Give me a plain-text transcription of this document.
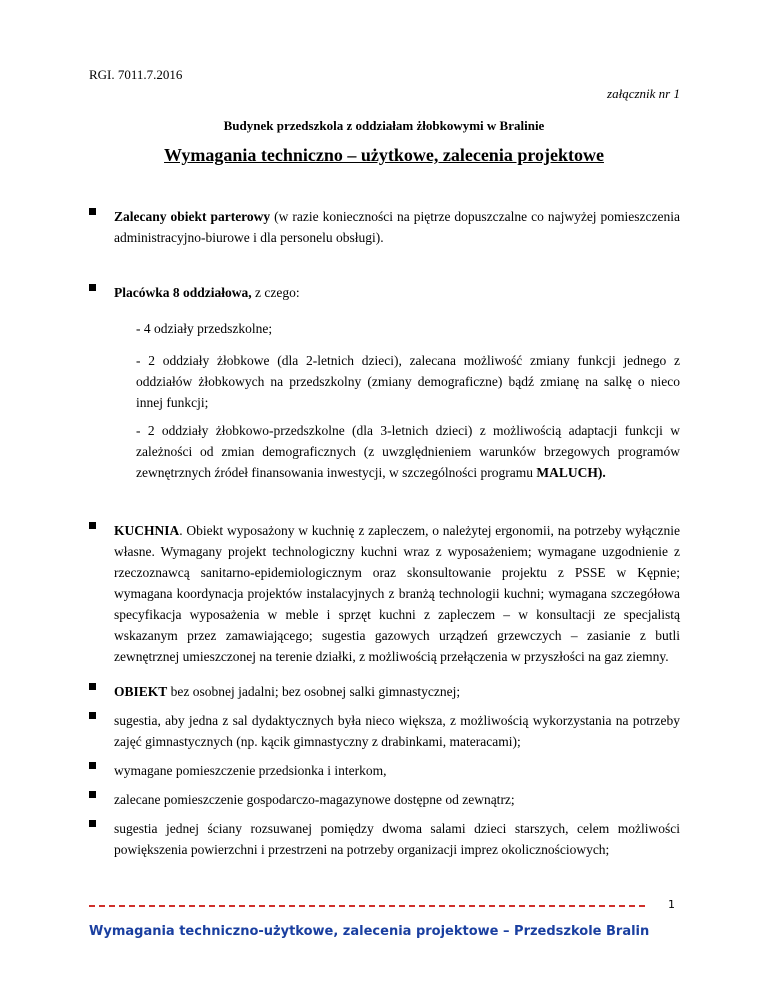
RGI. 7011.7.2016
załącznik nr 1
Budynek przedszkola z oddziałam żłobkowymi w Bralinie
Wymagania techniczno – użytkowe, zalecenia projektowe
Zalecany obiekt parterowy (w razie konieczności na piętrze dopuszczalne co najwyżej pomieszczenia administracyjno-biurowe i dla personelu obsługi).
Placówka 8 oddziałowa, z czego:
- 4 odziały przedszkolne;
- 2 oddziały żłobkowe (dla 2-letnich dzieci), zalecana możliwość zmiany funkcji jednego z oddziałów żłobkowych na przedszkolny (zmiany demograficzne) bądź zmianę na salkę o nieco innej funkcji;
- 2 oddziały żłobkowo-przedszkolne (dla 3-letnich dzieci) z możliwością adaptacji funkcji w zależności od zmian demograficznych (z uwzględnieniem warunków brzegowych programów zewnętrznych źródeł finansowania inwestycji, w szczególności programu MALUCH).
KUCHNIA. Obiekt wyposażony w kuchnię z zapleczem, o należytej ergonomii, na potrzeby wyłącznie własne. Wymagany projekt technologiczny kuchni wraz z wyposażeniem; wymagane uzgodnienie z rzeczoznawcą sanitarno-epidemiologicznym oraz skonsultowanie projektu z PSSE w Kępnie; wymagana koordynacja projektów instalacyjnych z branżą technologii kuchni; wymagana szczegółowa specyfikacja wyposażenia w meble i sprzęt kuchni z zapleczem – w konsultacji ze specjalistą wskazanym przez zamawiającego; sugestia gazowych urządzeń grzewczych – zasianie z butli zewnętrznej umieszczonej na terenie działki, z możliwością przełączenia w przyszłości na gaz ziemny.
OBIEKT bez osobnej jadalni; bez osobnej salki gimnastycznej;
sugestia, aby jedna z sal dydaktycznych była nieco większa, z możliwością wykorzystania na potrzeby zajęć gimnastycznych (np. kącik gimnastyczny z drabinkami, materacami);
wymagane pomieszczenie przedsionka i interkom,
zalecane pomieszczenie gospodarczo-magazynowe dostępne od zewnątrz;
sugestia jednej ściany rozsuwanej pomiędzy dwoma salami dzieci starszych, celem możliwości powiększenia powierzchni i przestrzeni na potrzeby organizacji imprez okolicznościowych;
1
Wymagania techniczno-użytkowe, zalecenia projektowe – Przedszkole Bralin
